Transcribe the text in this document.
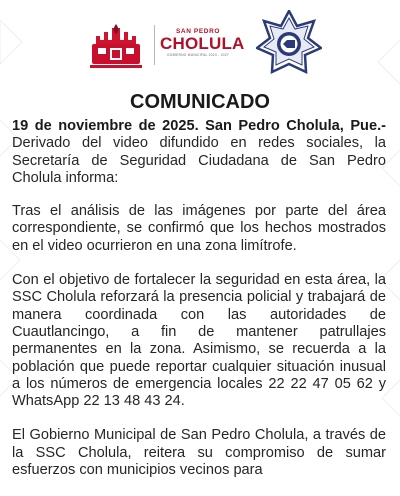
SAN PEDRO
CHOLULA
GOBIERNO MUNICIPAL 2024 - 2027
COMUNICADO

19 de noviembre de 2025. San Pedro Cholula, Pue.- Derivado del video difundido en redes sociales, la Secretaría de Seguridad Ciudadana de San Pedro Cholula informa:

Tras el análisis de las imágenes por parte del área correspondiente, se confirmó que los hechos mostrados en el video ocurrieron en una zona limítrofe.

Con el objetivo de fortalecer la seguridad en esta área, la SSC Cholula reforzará la presencia policial y trabajará de manera coordinada con las autoridades de Cuautlancingo, a fin de mantener patrullajes permanentes en la zona. Asimismo, se recuerda a la población que puede reportar cualquier situación inusual a los números de emergencia locales 22 22 47 05 62 y WhatsApp 22 13 48 43 24.

El Gobierno Municipal de San Pedro Cholula, a través de la SSC Cholula, reitera su compromiso de sumar esfuerzos con municipios vecinos para
